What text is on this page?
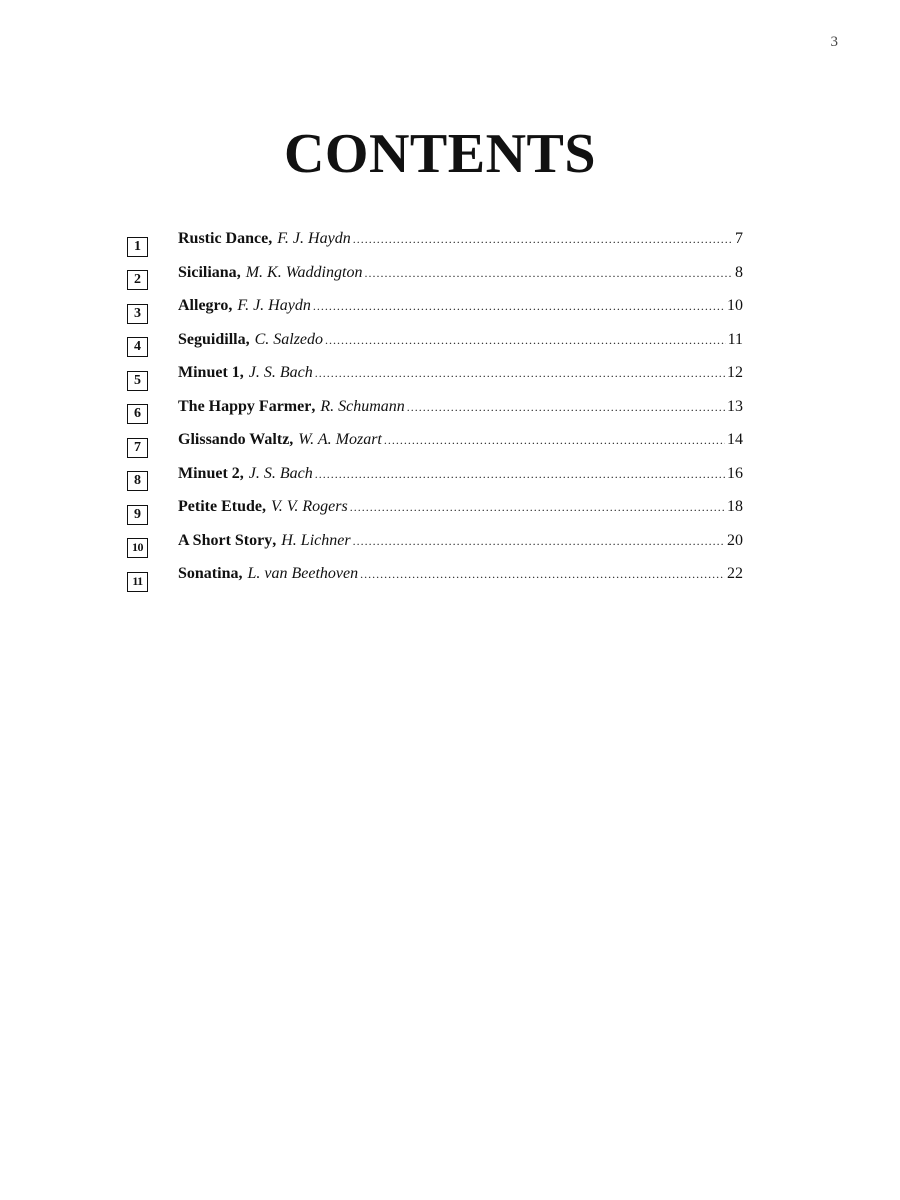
3
CONTENTS
1	Rustic Dance , F. J. Haydn .....	7
2	Siciliana , M. K. Waddington .....	8
3	Allegro , F. J. Haydn .....	10
4	Seguidilla , C. Salzedo .....	11
5	Minuet 1 , J. S. Bach .....	12
6	The Happy Farmer , R. Schumann .....	13
7	Glissando Waltz , W. A. Mozart .....	14
8	Minuet 2 , J. S. Bach .....	16
9	Petite Etude , V. V. Rogers .....	18
10	A Short Story , H. Lichner .....	20
11	Sonatina , L. van Beethoven .....	22
